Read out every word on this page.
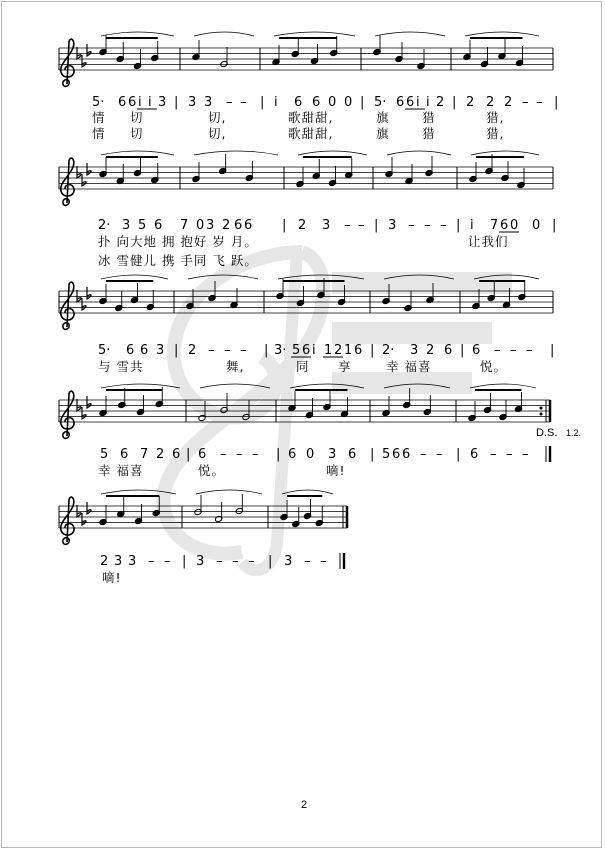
5· 6 6 i i 3 | 3 3 – – | i 6 6 0 0 | 5· 6 6 i i 2 | 2 2 2 – – |
2· 3 5 6 7 0 3 2 6 6 | 2 3 – – | 3 – – – | i 7 6 0 0 |
5· 6 6 3 | 2 – – – | 3· 5 6 i 1 2 1 6 | 2· 3 2 6 | 6 – – – |
5 6 7 2 6 | 6 – – – | 6 0 3 6 | 5 6 6 – – | 6 – – –
2 3 3 – – | 3 – – – | 3 – –
情 切	切,	歌甜甜,	旗	猎	猎,
情 切	切,	歌甜甜,	旗	猎	猎,
扑 向大地 拥 抱好 岁 月。	让我们
冰 雪健儿 携 手同 飞 跃。
与 雪共	舞,	同 享	幸 福喜	悦。
幸 福喜	悦。	嘀!
嘀!
D.S. 1.2.
2
